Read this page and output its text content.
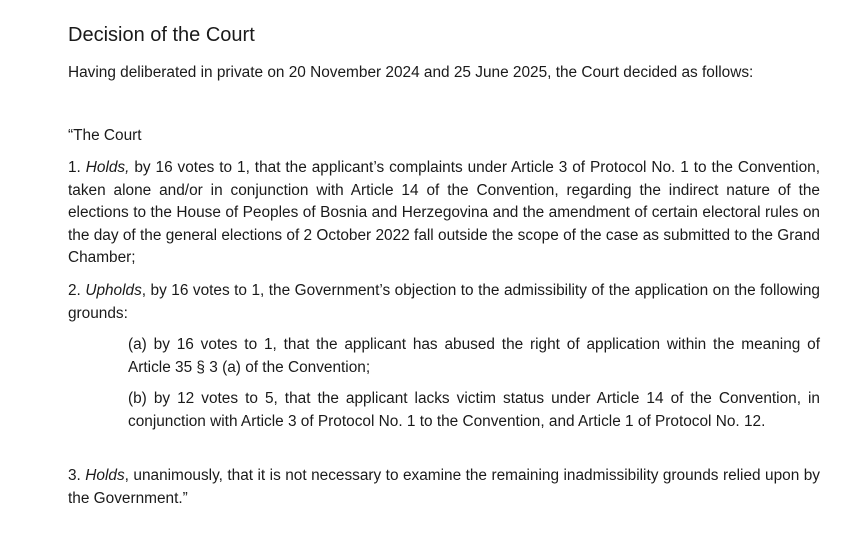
Decision of the Court

Having deliberated in private on 20 November 2024 and 25 June 2025, the Court decided as follows:

“The Court

1. Holds, by 16 votes to 1, that the applicant’s complaints under Article 3 of Protocol No. 1 to the Convention, taken alone and/or in conjunction with Article 14 of the Convention, regarding the indirect nature of the elections to the House of Peoples of Bosnia and Herzegovina and the amendment of certain electoral rules on the day of the general elections of 2 October 2022 fall outside the scope of the case as submitted to the Grand Chamber;

2. Upholds, by 16 votes to 1, the Government’s objection to the admissibility of the application on the following grounds:

(a) by 16 votes to 1, that the applicant has abused the right of application within the meaning of Article 35 § 3 (a) of the Convention;

(b) by 12 votes to 5, that the applicant lacks victim status under Article 14 of the Convention, in conjunction with Article 3 of Protocol No. 1 to the Convention, and Article 1 of Protocol No. 12.

3. Holds, unanimously, that it is not necessary to examine the remaining inadmissibility grounds relied upon by the Government.”
